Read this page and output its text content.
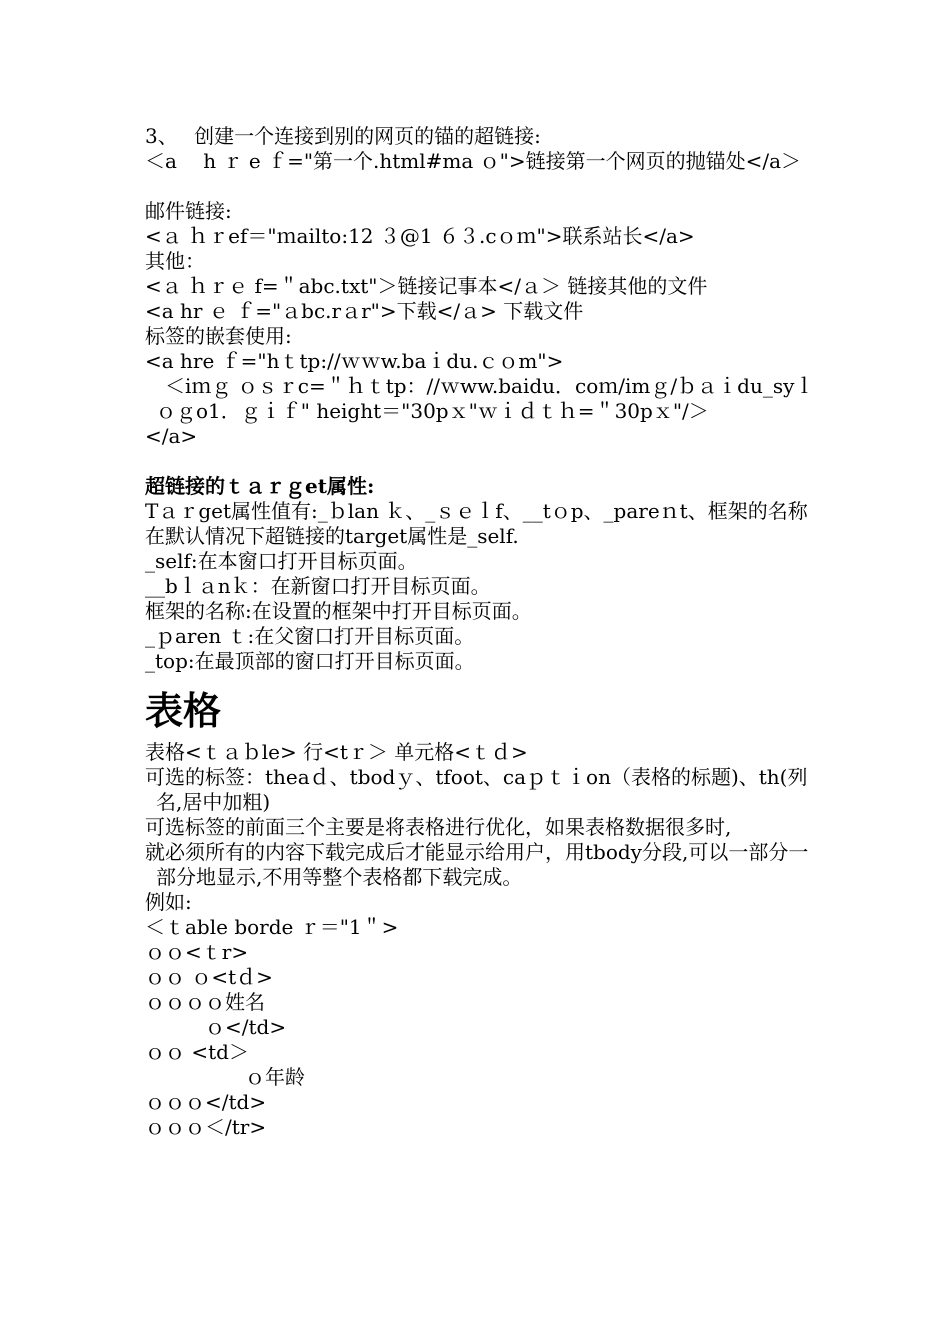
3、　 创建一个连接到别的网页的锚的超链接:
＜a　 h ｒ e ｆ="第一个.html#ma ｏ">链接第一个网页的抛锚处</a＞
邮件链接:
<ａ ｈｒef＝"ｍailto:12 ３@1 ６３.cｏｍ">联系站长</a>
其他：
<ａ ｈｒｅ f=＂abc.txt"＞链接记事本</ａ＞ 链接其他的文件
<a hr ｅ ｆ="ａbc.rａr">下载</ａ> 下载文件
标签的嵌套使用:
<a hre ｆ="hｔtp://ｗｗw.baｉdu.ｃｏm">
　＜iｍｇ ｏｓｒc=＂ｈｔtp：//ｗww.baidu．coｍ/imｇ/ｂａｉdu_syｌｏｇo1．ｇｉｆ" height＝"30pｘ"ｗｉｄｔｈ=＂30pｘ"/＞
</a>
超链接的ｔａｒｇet属性:
Tａｒget属性值有:_ｂlan ｋ、_ｓｅｌf、__tｏp、_pareｎt、框架的名称
在默认情况下超链接的target属性是_self.
_self:在本窗口打开目标页面。
__bｌａnｋ：在新窗口打开目标页面。
框架的名称:在设置的框架中打开目标页面。
_ｐaren ｔ:在父窗口打开目标页面。
_top:在最顶部的窗口打开目标页面。
表格
表格<ｔａｂle> 行<tｒ＞ 单元格<ｔｄ>
可选的标签：theaｄ、tbodｙ、tfoot、caｐｔｉon（表格的标题)、th(列名,居中加粗)
可选标签的前面三个主要是将表格进行优化，如果表格数据很多时,
就必须所有的内容下载完成后才能显示给用户，用tbody分段,可以一部分一部分地显示,不用等整个表格都下载完成。
例如:
＜ｔable borde ｒ＝"1＂>
ｏｏ<ｔr>
ｏｏ ｏ<tｄ>
ｏｏｏｏ姓名
　　　ｏ</td>
ｏｏ <td＞
　　　　　ｏ年龄
ｏｏｏ</td>
ｏｏｏ＜/tr>
